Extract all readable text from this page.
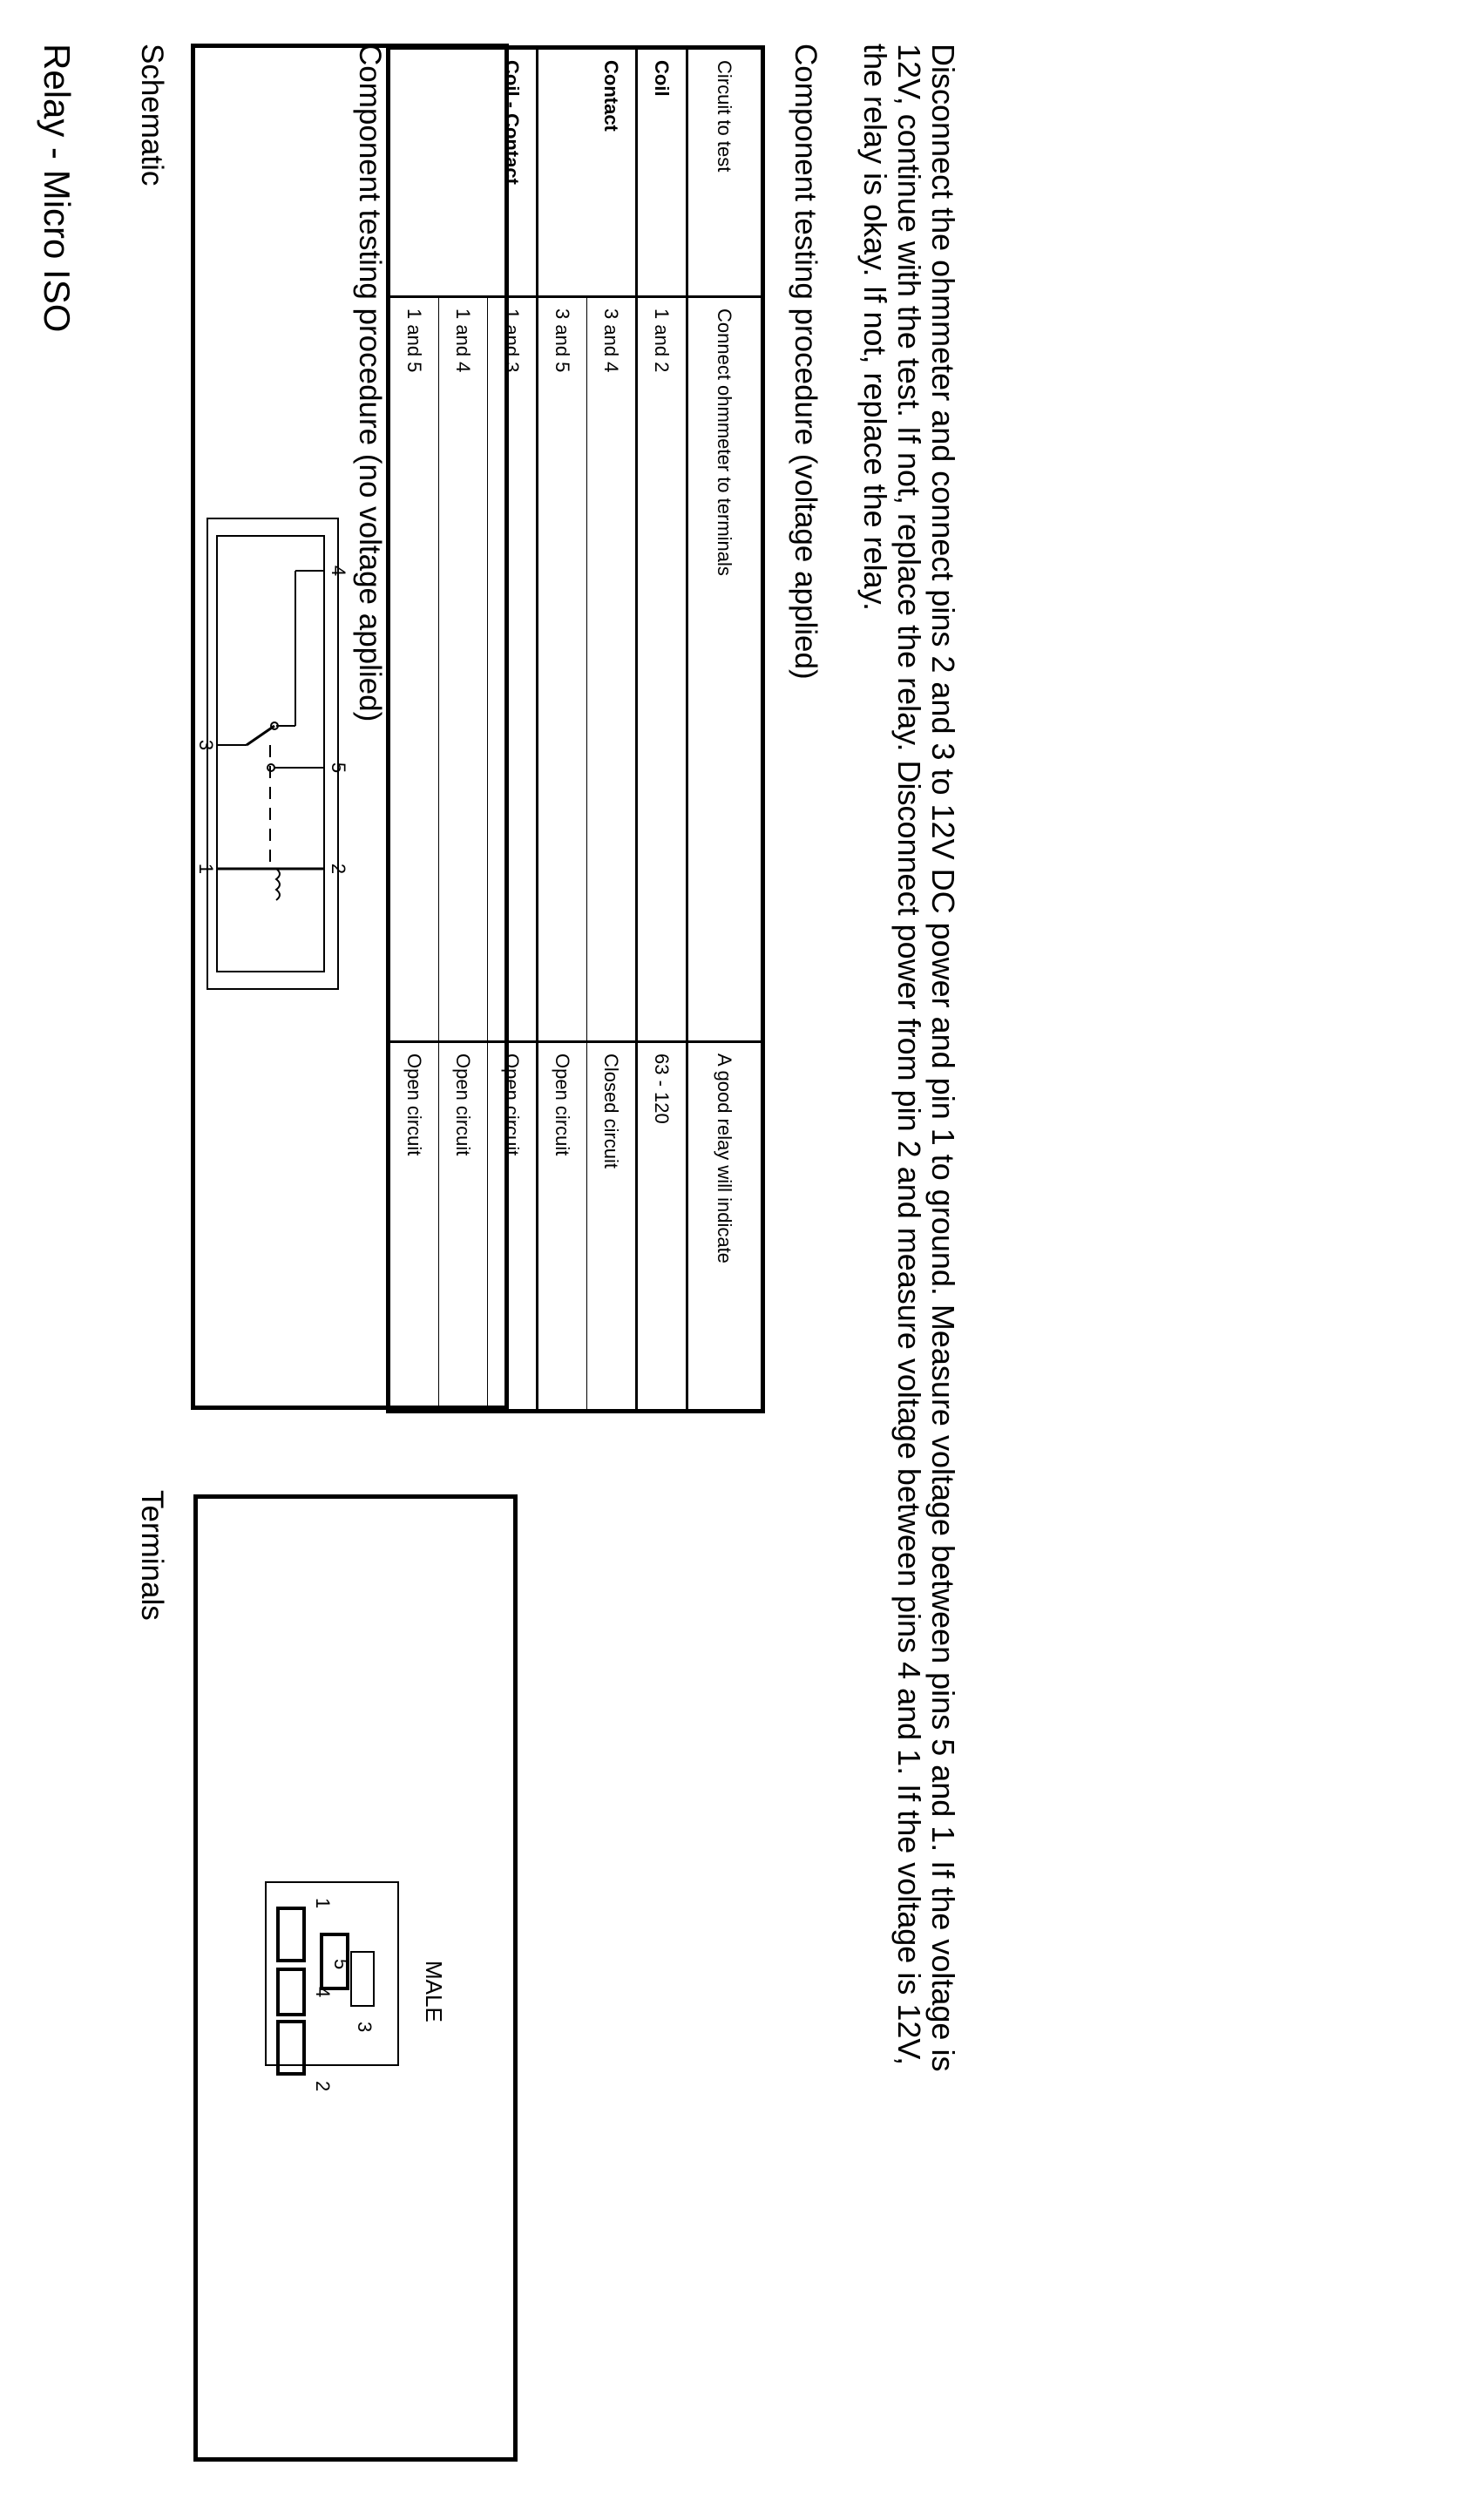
Relay - Micro ISO Schematic
3
1
4
5
2
Terminals
1
2
4
5
3
MALE
Component testing procedure (no voltage applied)	Circuit to test	Connect ohmmeter to terminals	A good relay will indicate
Coil	1 and 2	63 - 120
Contact	3 and 4	Closed circuit
	3 and 5	Open circuit
Coil - Contact	1 and 3	Open circuit
	1 and 4	Open circuit
	1 and 5	Open circuit
Component testing procedure (voltage applied)	Disconnect the ohmmeter and connect pins 2 and 3 to 12V DC power and pin 1 to ground. Measure voltage between pins 5 and 1. If the voltage is
12V, continue with the test. If not, replace the relay. Disconnect power from pin 2 and measure voltage between pins 4 and 1. If the voltage is 12V,
the relay is okay. If not, replace the relay.
